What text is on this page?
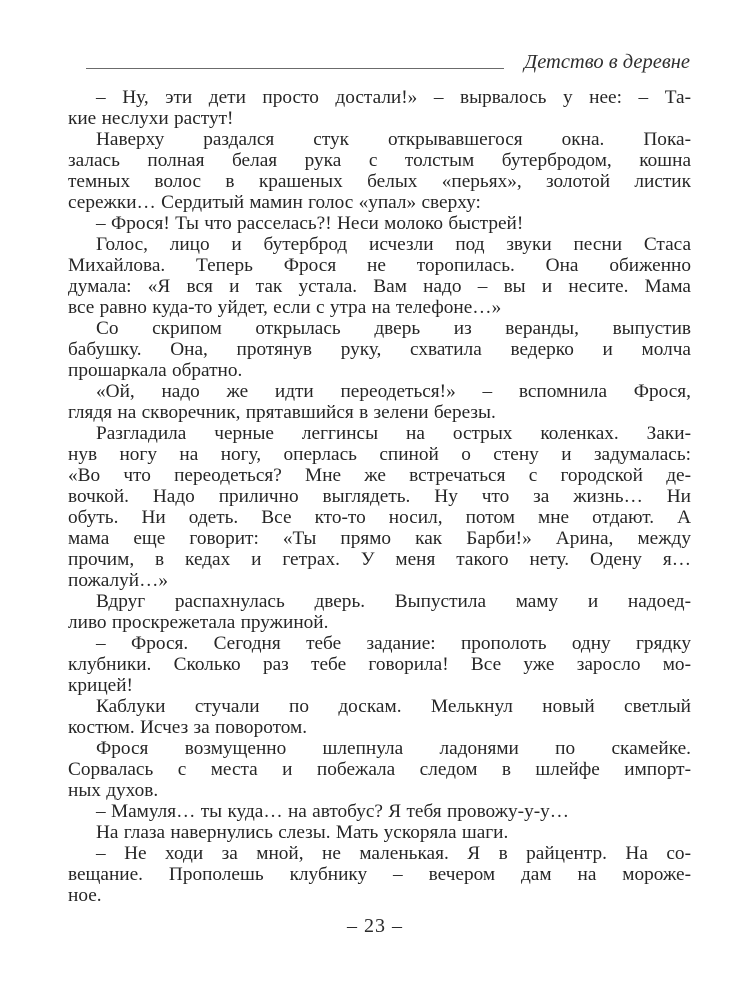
Детство в деревне
– Ну, эти дети просто достали!» – вырвалось у нее: – Та-
кие неслухи растут!
Наверху раздался стук открывавшегося окна. Пока-
залась полная белая рука с толстым бутербродом, кошна
темных волос в крашеных белых «перьях», золотой листик
сережки… Сердитый мамин голос «упал» сверху:
– Фрося! Ты что расселась?! Неси молоко быстрей!
Голос, лицо и бутерброд исчезли под звуки песни Стаса
Михайлова. Теперь Фрося не торопилась. Она обиженно
думала: «Я вся и так устала. Вам надо – вы и несите. Мама
все равно куда-то уйдет, если с утра на телефоне…»
Со скрипом открылась дверь из веранды, выпустив
бабушку. Она, протянув руку, схватила ведерко и молча
прошаркала обратно.
«Ой, надо же идти переодеться!» – вспомнила Фрося,
глядя на скворечник, прятавшийся в зелени березы.
Разгладила черные леггинсы на острых коленках. Заки-
нув ногу на ногу, оперлась спиной о стену и задумалась:
«Во что переодеться? Мне же встречаться с городской де-
вочкой. Надо прилично выглядеть. Ну что за жизнь… Ни
обуть. Ни одеть. Все кто-то носил, потом мне отдают. А
мама еще говорит: «Ты прямо как Барби!» Арина, между
прочим, в кедах и гетрах. У меня такого нету. Одену я…
пожалуй…»
Вдруг распахнулась дверь. Выпустила маму и надоед-
ливо проскрежетала пружиной.
– Фрося. Сегодня тебе задание: прополоть одну грядку
клубники. Сколько раз тебе говорила! Все уже заросло мо-
крицей!
Каблуки стучали по доскам. Мелькнул новый светлый
костюм. Исчез за поворотом.
Фрося возмущенно шлепнула ладонями по скамейке.
Сорвалась с места и побежала следом в шлейфе импорт-
ных духов.
– Мамуля… ты куда… на автобус? Я тебя провожу-у-у…
На глаза навернулись слезы. Мать ускоряла шаги.
– Не ходи за мной, не маленькая. Я в райцентр. На со-
вещание. Прополешь клубнику – вечером дам на мороже-
ное.
– 23 –
